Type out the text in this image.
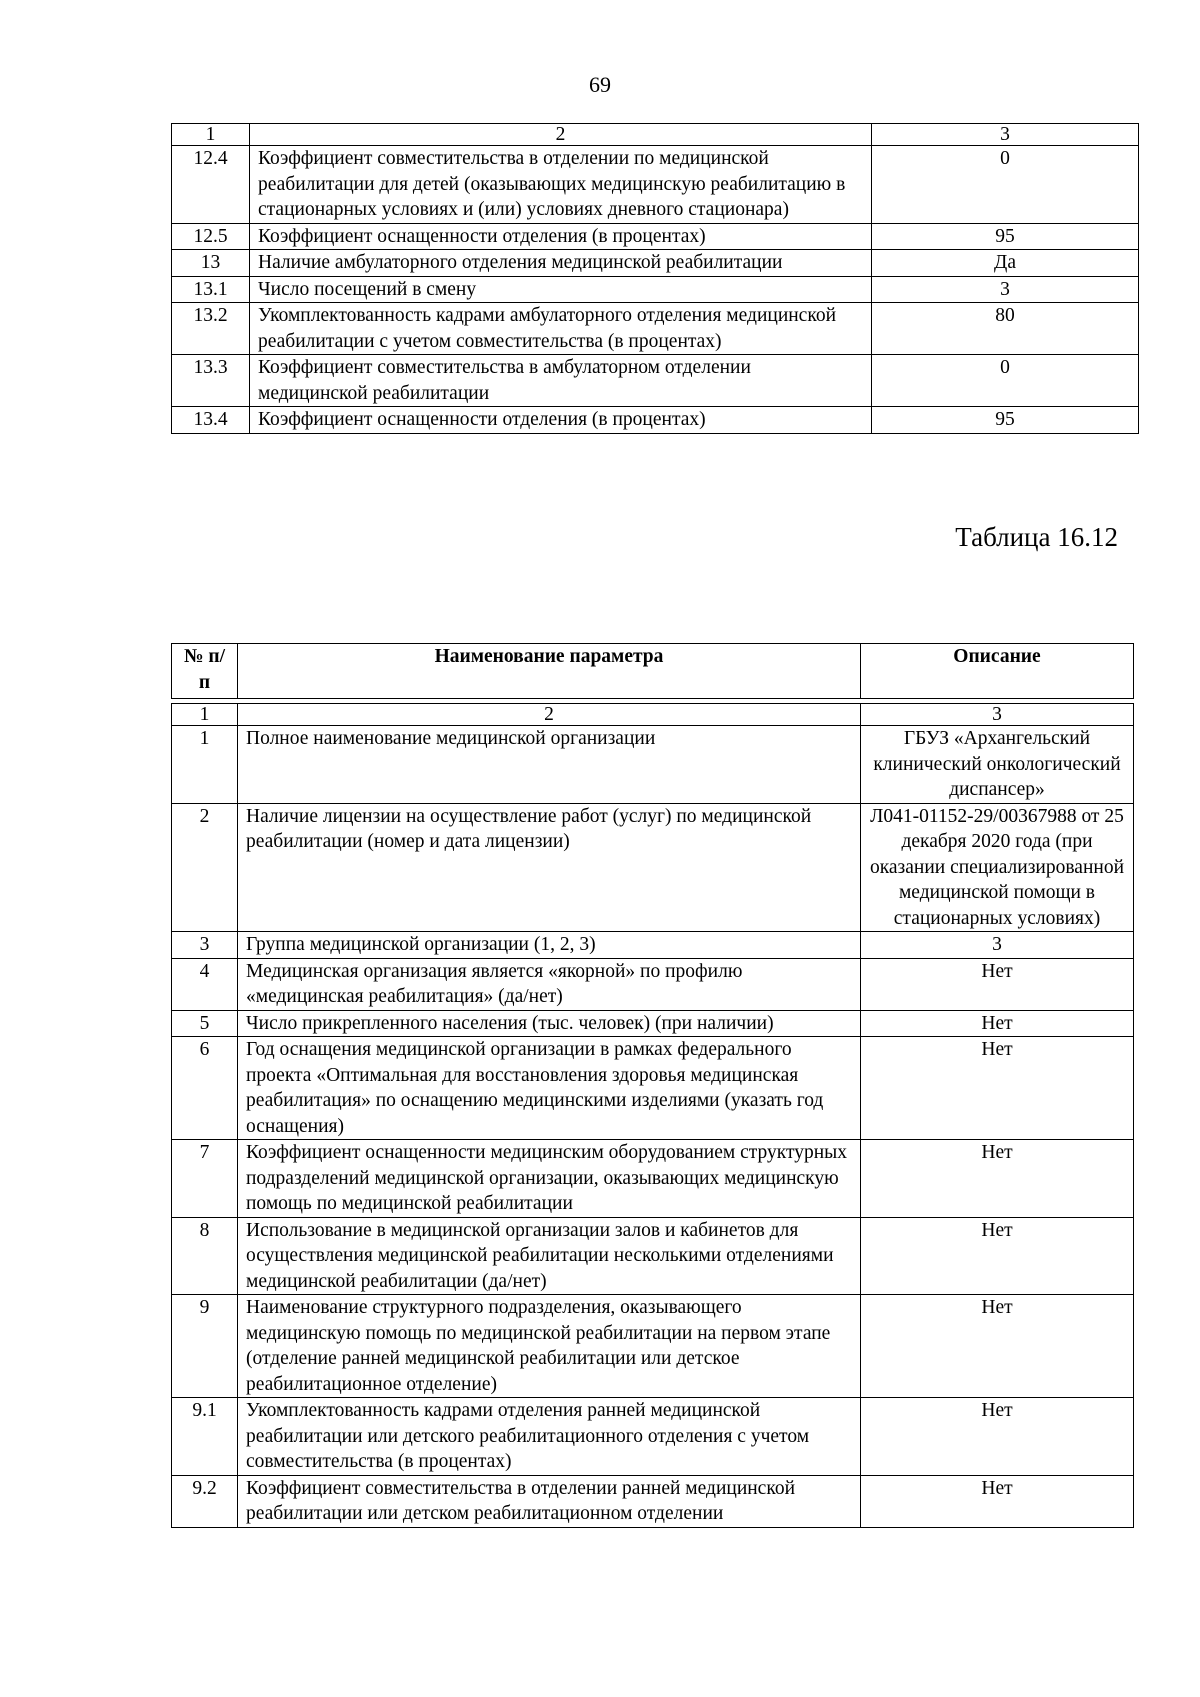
69
1	2	3
12.4	Коэффициент совместительства в отделении по медицинской реабилитации для детей (оказывающих медицинскую реабилитацию в стационарных условиях и (или) условиях дневного стационара)	0
12.5	Коэффициент оснащенности отделения (в процентах)	95
13	Наличие амбулаторного отделения медицинской реабилитации	Да
13.1	Число посещений в смену	3
13.2	Укомплектованность кадрами амбулаторного отделения медицинской реабилитации с учетом совместительства (в процентах)	80
13.3	Коэффициент совместительства в амбулаторном отделении медицинской реабилитации	0
13.4	Коэффициент оснащенности отделения (в процентах)	95
Таблица 16.12
№ п/п	Наименование параметра	Описание

1	2	3
1	Полное наименование медицинской организации	ГБУЗ «Архангельский клинический онкологический диспансер»
2	Наличие лицензии на осуществление работ (услуг) по медицинской реабилитации (номер и дата лицензии)	Л041-01152-29/00367988 от 25 декабря 2020 года (при оказании специализированной медицинской помощи в стационарных условиях)
3	Группа медицинской организации (1, 2, 3)	3
4	Медицинская организация является «якорной» по профилю «медицинская реабилитация» (да/нет)	Нет
5	Число прикрепленного населения (тыс. человек) (при наличии)	Нет
6	Год оснащения медицинской организации в рамках федерального проекта «Оптимальная для восстановления здоровья медицинская реабилитация» по оснащению медицинскими изделиями (указать год оснащения)	Нет
7	Коэффициент оснащенности медицинским оборудованием структурных подразделений медицинской организации, оказывающих медицинскую помощь по медицинской реабилитации	Нет
8	Использование в медицинской организации залов и кабинетов для осуществления медицинской реабилитации несколькими отделениями медицинской реабилитации (да/нет)	Нет
9	Наименование структурного подразделения, оказывающего медицинскую помощь по медицинской реабилитации на первом этапе (отделение ранней медицинской реабилитации или детское реабилитационное отделение)	Нет
9.1	Укомплектованность кадрами отделения ранней медицинской реабилитации или детского реабилитационного отделения с учетом совместительства (в процентах)	Нет
9.2	Коэффициент совместительства в отделении ранней медицинской реабилитации или детском реабилитационном отделении	Нет
